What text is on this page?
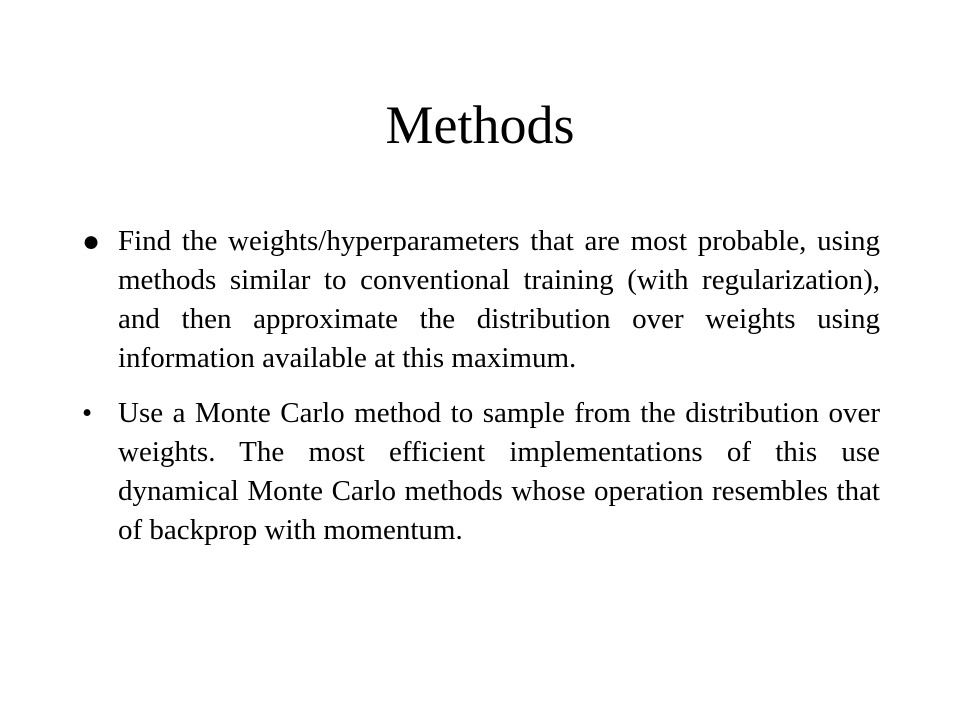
Methods
● Find the weights/hyperparameters that are most probable, using methods similar to conventional training (with regularization), and then approximate the distribution over weights using information available at this maximum.
• Use a Monte Carlo method to sample from the distribution over weights. The most efficient implementations of this use dynamical Monte Carlo methods whose operation resembles that of backprop with momentum.
